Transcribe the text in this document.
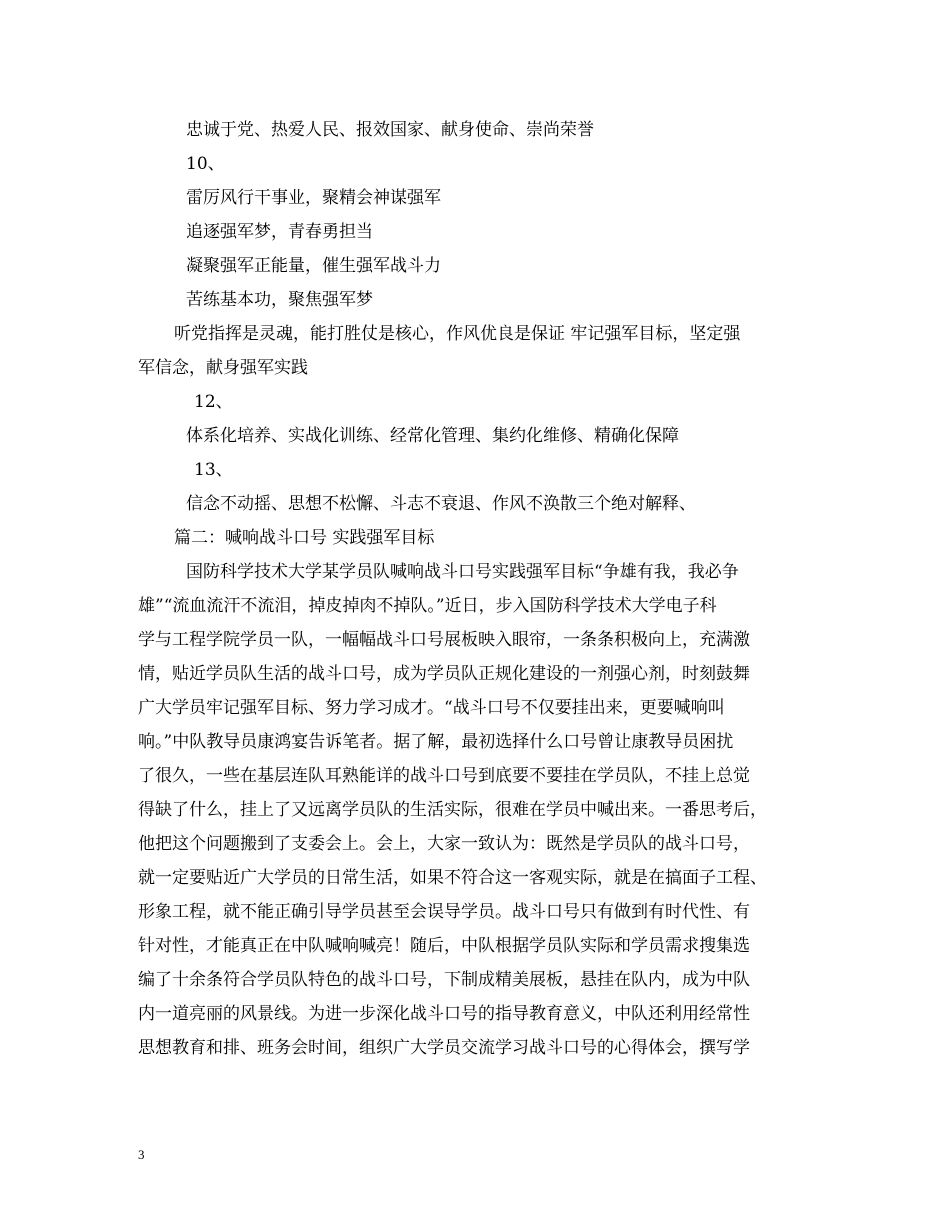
忠诚于党、热爱人民、报效国家、献身使命、崇尚荣誉
10、
雷厉风行干事业，聚精会神谋强军
追逐强军梦，青春勇担当
凝聚强军正能量，催生强军战斗力
苦练基本功，聚焦强军梦
听党指挥是灵魂，能打胜仗是核心，作风优良是保证 牢记强军目标，坚定强
军信念，献身强军实践
12、
体系化培养、实战化训练、经常化管理、集约化维修、精确化保障
13、
信念不动摇、思想不松懈、斗志不衰退、作风不涣散三个绝对解释、
篇二：喊响战斗口号 实践强军目标
国防科学技术大学某学员队喊响战斗口号实践强军目标“争雄有我，我必争
雄”“流血流汗不流泪，掉皮掉肉不掉队。”近日，步入国防科学技术大学电子科
学与工程学院学员一队，一幅幅战斗口号展板映入眼帘，一条条积极向上，充满激
情，贴近学员队生活的战斗口号，成为学员队正规化建设的一剂强心剂，时刻鼓舞
广大学员牢记强军目标、努力学习成才。“战斗口号不仅要挂出来，更要喊响叫
响。”中队教导员康鸿宴告诉笔者。据了解，最初选择什么口号曾让康教导员困扰
了很久，一些在基层连队耳熟能详的战斗口号到底要不要挂在学员队，不挂上总觉
得缺了什么，挂上了又远离学员队的生活实际，很难在学员中喊出来。一番思考后，
他把这个问题搬到了支委会上。会上，大家一致认为：既然是学员队的战斗口号，
就一定要贴近广大学员的日常生活，如果不符合这一客观实际，就是在搞面子工程、
形象工程，就不能正确引导学员甚至会误导学员。战斗口号只有做到有时代性、有
针对性，才能真正在中队喊响喊亮！随后，中队根据学员队实际和学员需求搜集选
编了十余条符合学员队特色的战斗口号，下制成精美展板，悬挂在队内，成为中队
内一道亮丽的风景线。为进一步深化战斗口号的指导教育意义，中队还利用经常性
思想教育和排、班务会时间，组织广大学员交流学习战斗口号的心得体会，撰写学
3
